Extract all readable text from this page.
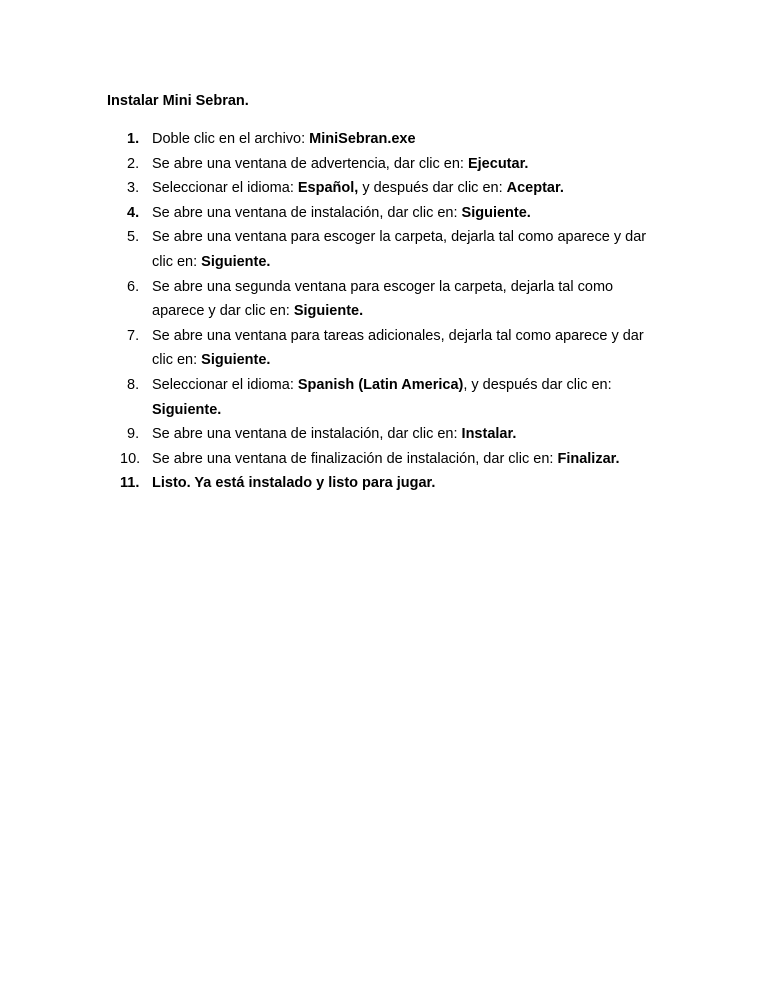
Instalar Mini Sebran.
1. Doble clic en el archivo: MiniSebran.exe
2. Se abre una ventana de advertencia, dar clic en: Ejecutar.
3. Seleccionar el idioma: Español, y después dar clic en: Aceptar.
4. Se abre una ventana de instalación, dar clic en: Siguiente.
5. Se abre una ventana para escoger la carpeta, dejarla tal como aparece y dar clic en: Siguiente.
6. Se abre una segunda ventana para escoger la carpeta, dejarla tal como aparece y dar clic en: Siguiente.
7. Se abre una ventana para tareas adicionales, dejarla tal como aparece y dar clic en: Siguiente.
8. Seleccionar el idioma: Spanish (Latin America), y después dar clic en: Siguiente.
9. Se abre una ventana de instalación, dar clic en: Instalar.
10. Se abre una ventana de finalización de instalación, dar clic en: Finalizar.
11. Listo. Ya está instalado y listo para jugar.
